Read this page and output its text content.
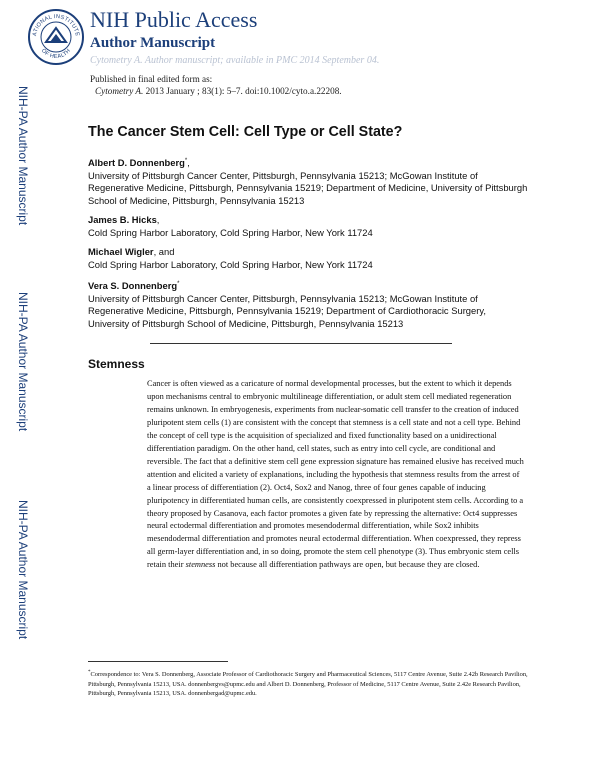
NIH-PA Author Manuscript
NIH-PA Author Manuscript
NIH-PA Author Manuscript
ATIONAL INSTITUTE
OF HEALTH
NIH Public Access
Author Manuscript
Cytometry A. Author manuscript; available in PMC 2014 September 04.
Published in final edited form as:
Cytometry A. 2013 January ; 83(1): 5–7. doi:10.1002/cyto.a.22208.
The Cancer Stem Cell: Cell Type or Cell State?
Albert D. Donnenberg*,
University of Pittsburgh Cancer Center, Pittsburgh, Pennsylvania 15213; McGowan Institute of Regenerative Medicine, Pittsburgh, Pennsylvania 15219; Department of Medicine, University of Pittsburgh School of Medicine, Pittsburgh, Pennsylvania 15213
James B. Hicks,
Cold Spring Harbor Laboratory, Cold Spring Harbor, New York 11724
Michael Wigler, and
Cold Spring Harbor Laboratory, Cold Spring Harbor, New York 11724
Vera S. Donnenberg*
University of Pittsburgh Cancer Center, Pittsburgh, Pennsylvania 15213; McGowan Institute of Regenerative Medicine, Pittsburgh, Pennsylvania 15219; Department of Cardiothoracic Surgery, University of Pittsburgh School of Medicine, Pittsburgh, Pennsylvania 15213
Stemness
Cancer is often viewed as a caricature of normal developmental processes, but the extent to which it depends upon mechanisms central to embryonic multilineage differentiation, or adult stem cell mediated regeneration remains unknown. In embryogenesis, experiments from nuclear-somatic cell transfer to the creation of induced pluripotent stem cells (1) are consistent with the concept that stemness is a cell state and not a cell type. Behind the concept of cell type is the acquisition of specialized and fixed functionality based on a unidirectional differentiation paradigm. On the other hand, cell states, such as entry into cell cycle, are conditional and reversible. The fact that a definitive stem cell gene expression signature has remained elusive has received much attention and elicited a variety of explanations, including the hypothesis that stemness results from the arrest of a linear process of differentiation (2). Oct4, Sox2 and Nanog, three of four genes capable of inducing pluripotency in differentiated human cells, are consistently coexpressed in pluripotent stem cells. According to a theory proposed by Casanova, each factor promotes a given fate by repressing the alternative: Oct4 suppresses neural ectodermal differentiation and promotes mesendodermal differentiation, while Sox2 inhibits mesendodermal differentiation and promotes neural ectodermal differentiation. When coexpressed, they repress all germ-layer differentiation and, in so doing, promote the stem cell phenotype (3). Thus embryonic stem cells retain their stemness not because all differentiation pathways are open, but because they are closed.
*Correspondence to: Vera S. Donnenberg, Associate Professor of Cardiothoracic Surgery and Pharmaceutical Sciences, 5117 Centre Avenue, Suite 2.42b Research Pavilion, Pittsburgh, Pennsylvania 15213, USA. donnenbergvs@upmc.edu and Albert D. Donnenberg, Professor of Medicine, 5117 Centre Avenue, Suite 2.42e Research Pavilion, Pittsburgh, Pennsylvania 15213, USA. donnenbergad@upmc.edu.
